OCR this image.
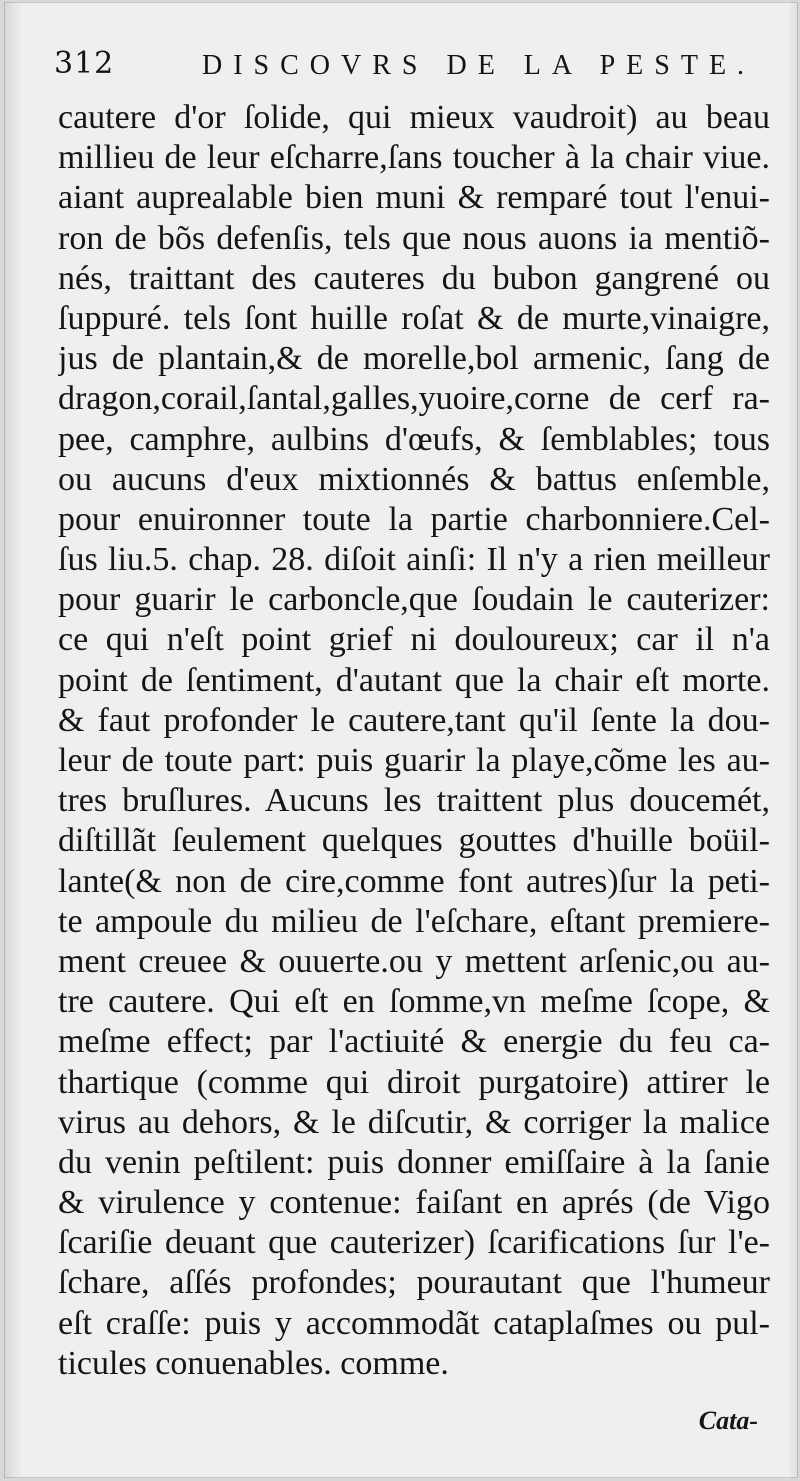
312	DISCOVRS DE LA PESTE.
cautere d'or ſolide, qui mieux vaudroit) au beau
millieu de leur eſcharre,ſans toucher à la chair viue.
aiant auprealable bien muni & remparé tout l'enui-
ron de bõs defenſis, tels que nous auons ia mentiõ-
nés, traittant des cauteres du bubon gangrené ou
ſuppuré. tels ſont huille roſat & de murte,vinaigre,
jus de plantain,& de morelle,bol armenic, ſang de
dragon,corail,ſantal,galles,yuoire,corne de cerf ra-
pee, camphre, aulbins d'œufs, & ſemblables; tous
ou aucuns d'eux mixtionnés & battus enſemble,
pour enuironner toute la partie charbonniere.Cel-
ſus liu.5. chap. 28. diſoit ainſi: Il n'y a rien meilleur
pour guarir le carboncle,que ſoudain le cauterizer:
ce qui n'eſt point grief ni douloureux; car il n'a
point de ſentiment, d'autant que la chair eſt morte.
& faut profonder le cautere,tant qu'il ſente la dou-
leur de toute part: puis guarir la playe,cõme les au-
tres bruſlures. Aucuns les traittent plus doucemét,
diſtillãt ſeulement quelques gouttes d'huille boüil-
lante(& non de cire,comme font autres)ſur la peti-
te ampoule du milieu de l'eſchare, eſtant premiere-
ment creuee & ouuerte.ou y mettent arſenic,ou au-
tre cautere. Qui eſt en ſomme,vn meſme ſcope, &
meſme effect; par l'actiuité & energie du feu ca-
thartique (comme qui diroit purgatoire) attirer le
virus au dehors, & le diſcutir, & corriger la malice
du venin peſtilent: puis donner emiſſaire à la ſanie
& virulence y contenue: faiſant en aprés (de Vigo
ſcariſie deuant que cauterizer) ſcarifications ſur l'e-
ſchare, aſſés profondes; pourautant que l'humeur
eſt craſſe: puis y accommodãt cataplaſmes ou pul-
ticules conuenables. comme.
Cata-
